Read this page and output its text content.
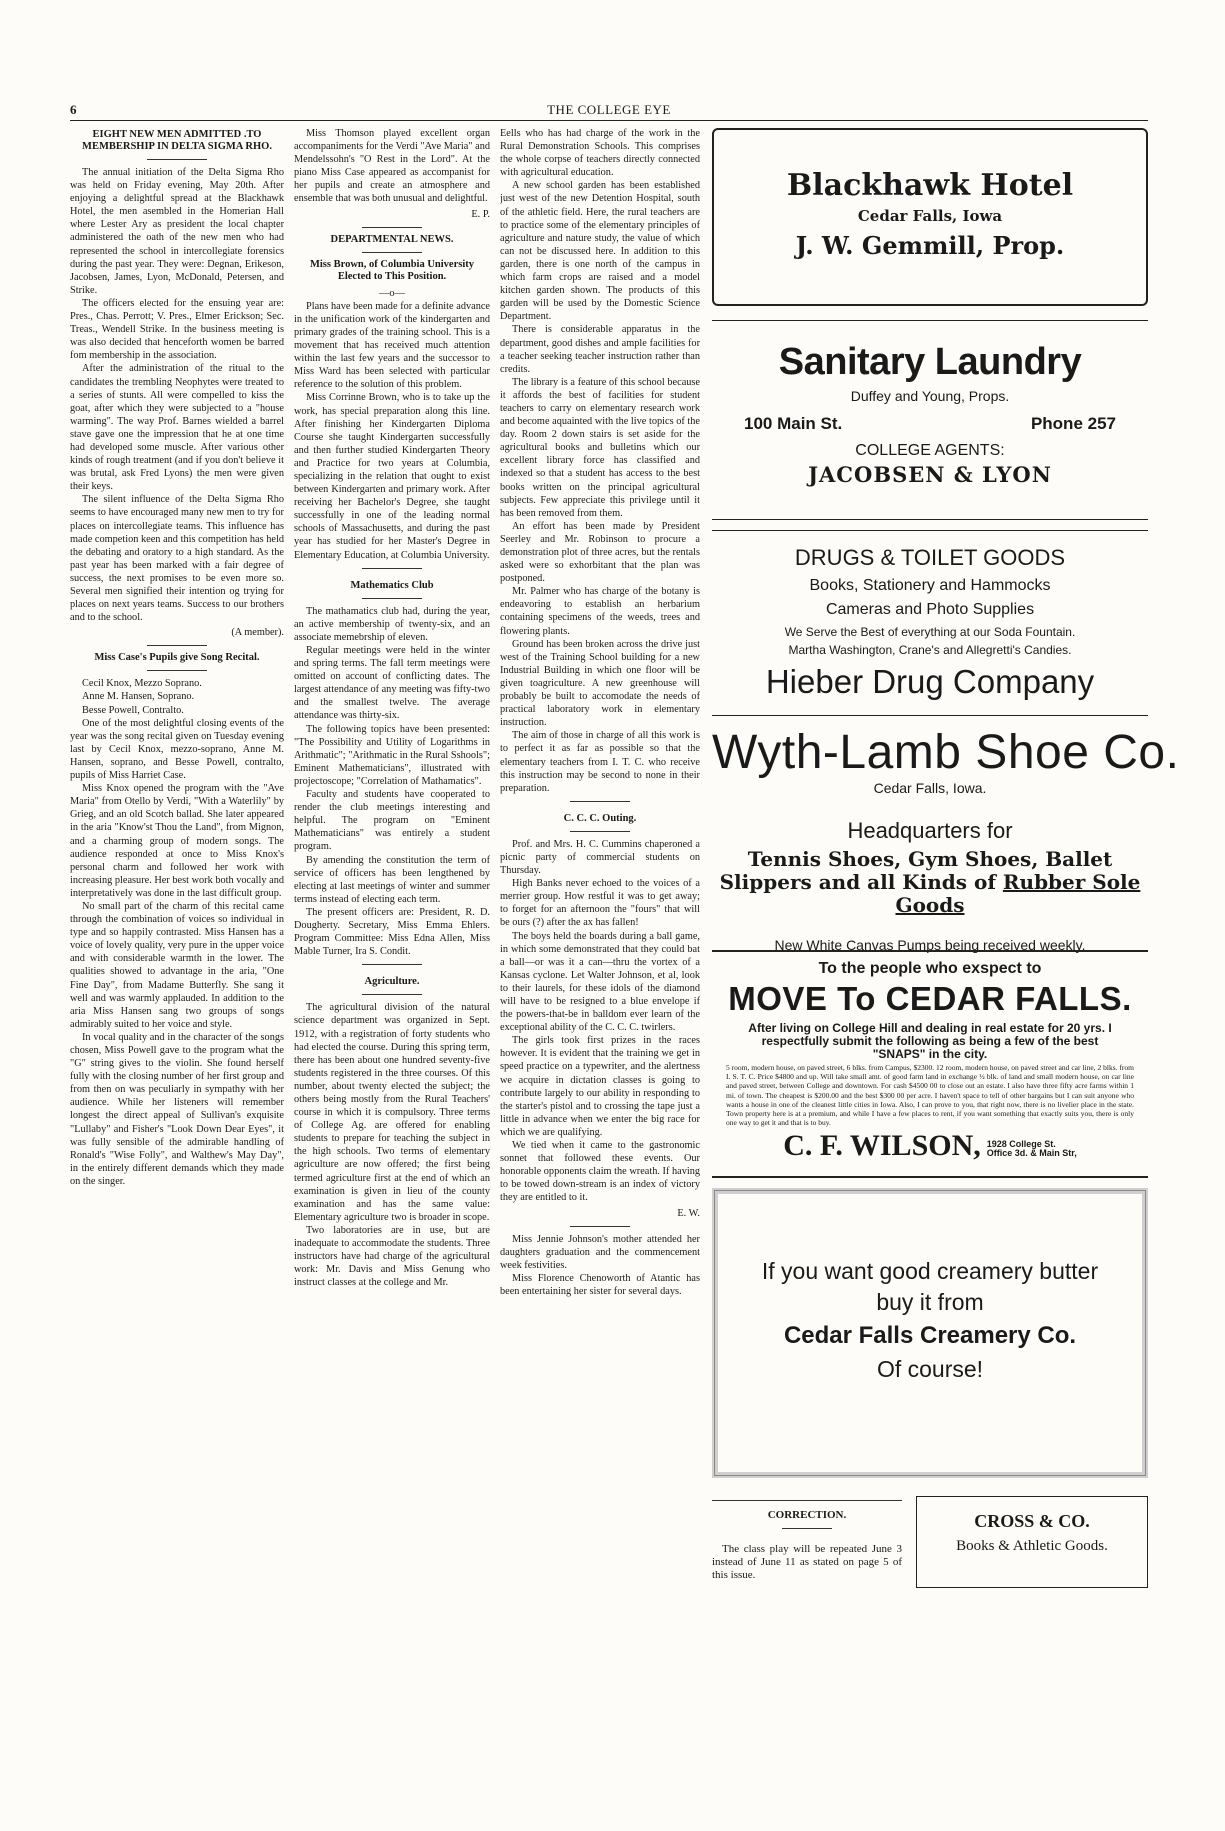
6	THE COLLEGE EYE
EIGHT NEW MEN ADMITTED .TO MEMBERSHIP IN DELTA SIGMA RHO.

The annual initiation of the Delta Sigma Rho was held on Friday evening, May 20th. After enjoying a delightful spread at the Blackhawk Hotel, the men asembled in the Homerian Hall where Lester Ary as president the local chapter administered the oath of the new men who had represented the school in intercollegiate forensics during the past year. They were: Degnan, Erikeson, Jacobsen, James, Lyon, McDonald, Petersen, and Strike.

The officers elected for the ensuing year are: Pres., Chas. Perrott; V. Pres., Elmer Erickson; Sec. Treas., Wendell Strike. In the business meeting is was also decided that henceforth women be barred fom membership in the association.

After the administration of the ritual to the candidates the trembling Neophytes were treated to a series of stunts. All were compelled to kiss the goat, after which they were subjected to a "house warming". The way Prof. Barnes wielded a barrel stave gave one the impression that he at one time had developed some muscle. After various other kinds of rough treatment (and if you don't believe it was brutal, ask Fred Lyons) the men were given their keys.

The silent influence of the Delta Sigma Rho seems to have encouraged many new men to try for places on intercollegiate teams. This influence has made competion keen and this competition has held the debating and oratory to a high standard. As the past year has been marked with a fair degree of success, the next promises to be even more so. Several men signified their intention og trying for places on next years teams. Success to our brothers and to the school.

(A member).
Miss Case's Pupils give Song Recital.

Cecil Knox, Mezzo Soprano.

Anne M. Hansen, Soprano.

Besse Powell, Contralto.

One of the most delightful closing events of the year was the song recital given on Tuesday evening last by Cecil Knox, mezzo-soprano, Anne M. Hansen, soprano, and Besse Powell, contralto, pupils of Miss Harriet Case.

Miss Knox opened the program with the "Ave Maria" from Otello by Verdi, "With a Waterlily" by Grieg, and an old Scotch ballad. She later appeared in the aria "Know'st Thou the Land", from Mignon, and a charming group of modern songs. The audience responded at once to Miss Knox's personal charm and followed her work with increasing pleasure. Her best work both vocally and interpretatively was done in the last difficult group.

No small part of the charm of this recital came through the combination of voices so individual in type and so happily contrasted. Miss Hansen has a voice of lovely quality, very pure in the upper voice and with considerable warmth in the lower. The qualities showed to advantage in the aria, "One Fine Day", from Madame Butterfly. She sang it well and was warmly applauded. In addition to the aria Miss Hansen sang two groups of songs admirably suited to her voice and style.

In vocal quality and in the character of the songs chosen, Miss Powell gave to the program what the "G" string gives to the violin. She found herself fully with the closing number of her first group and from then on was peculiarly in sympathy with her audience. While her listeners will remember longest the direct appeal of Sullivan's exquisite "Lullaby" and Fisher's "Look Down Dear Eyes", it was fully sensible of the admirable handling of Ronald's "Wise Folly", and Walthew's May Day", in the entirely different demands which they made on the singer.

Miss Thomson played excellent organ accompaniments for the Verdi "Ave Maria" and Mendelssohn's "O Rest in the Lord". At the piano Miss Case appeared as accompanist for her pupils and create an atmosphere and ensemble that was both unusual and delightful.

E. P.
DEPARTMENTAL NEWS.
Miss Brown, of Columbia University Elected to This Position.
—o—

Plans have been made for a definite advance in the unification work of the kindergarten and primary grades of the training school. This is a movement that has received much attention within the last few years and the successor to Miss Ward has been selected with particular reference to the solution of this problem.

Miss Corrinne Brown, who is to take up the work, has special preparation along this line. After finishing her Kindergarten Diploma Course she taught Kindergarten successfully and then further studied Kindergarten Theory and Practice for two years at Columbia, specializing in the relation that ought to exist between Kindergarten and primary work. After receiving her Bachelor's Degree, she taught successfully in one of the leading normal schools of Massachusetts, and during the past year has studied for her Master's Degree in Elementary Education, at Columbia University.

Mathematics Club

The mathamatics club had, during the year, an active membership of twenty-six, and an associate memebrship of eleven.

Regular meetings were held in the winter and spring terms. The fall term meetings were omitted on account of conflicting dates. The largest attendance of any meeting was fifty-two and the smallest twelve. The average attendance was thirty-six.

The following topics have been presented: "The Possibility and Utility of Logarithms in Arithmatic"; "Arithmatic in the Rural Sshools"; Eminent Mathematicians", illustrated with projectoscope; "Correlation of Mathamatics".

Faculty and students have cooperated to render the club meetings interesting and helpful. The program on "Eminent Mathematicians" was entirely a student program.

By amending the constitution the term of service of officers has been lengthened by electing at last meetings of winter and summer terms instead of electing each term.

The present officers are: President, R. D. Dougherty. Secretary, Miss Emma Ehlers. Program Committee: Miss Edna Allen, Miss Mable Turner, Ira S. Condit.

Agriculture.

The agricultural division of the natural science department was organized in Sept. 1912, with a registration of forty students who had elected the course. During this spring term, there has been about one hundred seventy-five students registered in the three courses. Of this number, about twenty elected the subject; the others being mostly from the Rural Teachers' course in which it is compulsory. Three terms of College Ag. are offered for enabling students to prepare for teaching the subject in the high schools. Two terms of elementary agriculture are now offered; the first being termed agriculture first at the end of which an examination is given in lieu of the county examination and has the same value: Elementary agriculture two is broader in scope.

Two laboratories are in use, but are inadequate to accommodate the students. Three instructors have had charge of the agricultural work: Mr. Davis and Miss Genung who instruct classes at the college and Mr.

Eells who has had charge of the work in the Rural Demonstration Schools. This comprises the whole corpse of teachers directly connected with agricultural education.

A new school garden has been established just west of the new Detention Hospital, south of the athletic field. Here, the rural teachers are to practice some of the elementary principles of agriculture and nature study, the value of which can not be discussed here. In addition to this garden, there is one north of the campus in which farm crops are raised and a model kitchen garden shown. The products of this garden will be used by the Domestic Science Department.

There is considerable apparatus in the department, good dishes and ample facilities for a teacher seeking teacher instruction rather than credits.

The library is a feature of this school because it affords the best of facilities for student teachers to carry on elementary research work and become aquainted with the live topics of the day. Room 2 down stairs is set aside for the agricultural books and bulletins which our excellent library force has classified and indexed so that a student has access to the best books written on the principal agricultural subjects. Few appreciate this privilege until it has been removed from them.

An effort has been made by President Seerley and Mr. Robinson to procure a demonstration plot of three acres, but the rentals asked were so exhorbitant that the plan was postponed.

Mr. Palmer who has charge of the botany is endeavoring to establish an herbarium containing specimens of the weeds, trees and flowering plants.

Ground has been broken across the drive just west of the Training School building for a new Industrial Building in which one floor will be given toagriculture. A new greenhouse will probably be built to accomodate the needs of practical laboratory work in elementary instruction.

The aim of those in charge of all this work is to perfect it as far as possible so that the elementary teachers from I. T. C. who receive this instruction may be second to none in their preparation.

C. C. C. Outing.

Prof. and Mrs. H. C. Cummins chaperoned a picnic party of commercial students on Thursday.

High Banks never echoed to the voices of a merrier group. How restful it was to get away; to forget for an afternoon the "fours" that will be ours (?) after the ax has fallen!

The boys held the boards during a ball game, in which some demonstrated that they could bat a ball—or was it a can—thru the vortex of a Kansas cyclone. Let Walter Johnson, et al, look to their laurels, for these idols of the diamond will have to be resigned to a blue envelope if the powers-that-be in balldom ever learn of the exceptional ability of the C. C. C. twirlers.

The girls took first prizes in the races however. It is evident that the training we get in speed practice on a typewriter, and the alertness we acquire in dictation classes is going to contribute largely to our ability in responding to the starter's pistol and to crossing the tape just a little in advance when we enter the big race for which we are qualifying.

We tied when it came to the gastronomic sonnet that followed these events. Our honorable opponents claim the wreath. If having to be towed down-stream is an index of victory they are entitled to it.

E. W.

Miss Jennie Johnson's mother attended her daughters graduation and the commencement week festivities.

Miss Florence Chenoworth of Atantic has been entertaining her sister for several days.

Blackhawk Hotel
Cedar Falls, Iowa
J. W. Gemmill, Prop.
Sanitary Laundry
Duffey and Young, Props.
100 Main St.	Phone 257
COLLEGE AGENTS:
JACOBSEN & LYON
DRUGS & TOILET GOODS
Books, Stationery and Hammocks
Cameras and Photo Supplies
We Serve the Best of everything at our Soda Fountain.
Martha Washington, Crane's and Allegretti's Candies.
Hieber Drug Company
Wyth-Lamb Shoe Co.
Cedar Falls, Iowa.
Headquarters for
Tennis Shoes, Gym Shoes, Ballet Slippers and all Kinds of Rubber Sole Goods
New White Canvas Pumps being received weekly.
To the people who exspect to
MOVE To CEDAR FALLS.
After living on College Hill and dealing in real estate for 20 yrs. I respectfully submit the following as being a few of the best "SNAPS" in the city.
5 room, modern house, on paved street, 6 blks. from Campus, $2300. 12 room, modern house, on paved street and car line, 2 blks. from I. S. T. C. Price $4800 and up. Will take small amt. of good farm land in exchange ½ blk. of land and small modern house, on car line and paved street, between College and downtown. For cash $4500 00 to close out an estate. I also have three fifty acre farms within 1 mi. of town. The cheapest is $200.00 and the best $300 00 per acre. I haven't space to tell of other bargains but I can suit anyone who wants a house in one of the cleanest little cities in Iowa. Also, I can prove to you, that right now, there is no livelier place in the state. Town property here is at a premium, and while I have a few places to rent, if you want something that exactly suits you, there is only one way to get it and that is to buy.
C. F. WILSON, 1928 College St.
Office 3d. & Main Str,
If you want good creamery butter
buy it from
Cedar Falls Creamery Co.
Of course!
CORRECTION.

The class play will be repeated June 3 instead of June 11 as stated on page 5 of this issue.

CROSS & CO.
Books & Athletic Goods.
